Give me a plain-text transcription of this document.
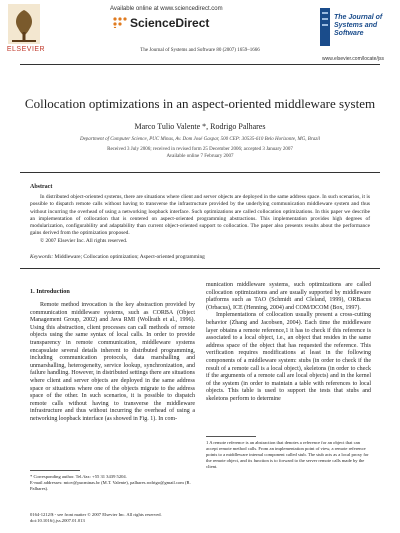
ELSEVIER
Available online at www.sciencedirect.com
ScienceDirect
The Journal of Systems and Software 80 (2007) 1659–1666
The Journal of Systems and Software
www.elsevier.com/locate/jss
Collocation optimizations in an aspect-oriented middleware system
Marco Tulio Valente *, Rodrigo Palhares
Department of Computer Science, PUC Minas, Av. Dom José Gaspar, 500 CEP: 30535-610 Belo Horizonte, MG, Brazil
Received 3 July 2006; received in revised form 25 December 2006; accepted 3 January 2007
Available online 7 February 2007
Abstract

In distributed object-oriented systems, there are situations where client and server objects are deployed in the same address space. In such scenarios, it is possible to dispatch remote calls without having to transverse the infrastructure provided by the underlying communication middleware system and thus without incurring the overhead of using a networking loopback interface. Such optimizations are called collocation optimizations. In this paper we describe an implementation of collocation that is centered on aspect-oriented programming abstractions. This implementation provides high degrees of modularization, configurability and adaptability than current object-oriented support to collocation. The paper also presents results about the performance gains derived from the optimization proposed.

© 2007 Elsevier Inc. All rights reserved.

Keywords: Middleware; Collocation optimization; Aspect-oriented programming
1. Introduction

Remote method invocation is the key abstraction provided by communication middleware systems, such as CORBA (Object Management Group, 2002) and Java RMI (Wollrath et al., 1996). Using this abstraction, client processes can call methods of remote objects using the same syntax of local calls. In order to provide transparency in remote communication, middleware systems encapsulate several details inherent to distributed programming, including communication protocols, data marshalling and unmarshalling, heterogeneity, service lookup, synchronization, and failure handling. However, in distributed settings there are situations where client and server objects are deployed in the same address space or situations where one of the objects migrate to the address space of the other. In such scenarios, it is possible to dispatch remote calls without having to transverse the middleware infrastructure and thus without incurring the overhead of using a networking loopback interface (as showed in Fig. 1). In com-

munication middleware systems, such optimizations are called collocation optimizations and are usually supported by middleware platforms such as TAO (Schmidt and Cleland, 1999), ORBacus (Orbacus), ICE (Henning, 2004) and COM/DCOM (Box, 1997).

Implementations of collocation usually present a cross-cutting behavior (Zhang and Jacobsen, 2004). Each time the middleware layer obtains a remote reference,1 it has to check if this reference is associated to a local object, i.e., an object that resides in the same address space of the object that has requested the reference. This verification requires modifications at least in the following components of a middleware system: stubs (in order to check if the result of a remote call is a local object), skeletons (in order to check if the arguments of a remote call are local objects) and in the kernel of the system (in order to maintain a table with references to local objects. This table is used to support the tests that stubs and skeletons perform to determine

* Corresponding author. Tel./fax: +55 31 3439 5204.

E-mail addresses: mtov@pucminas.br (M.T. Valente), palhares.rodrigo@gmail.com (R. Palhares).

0164-1212/$ - see front matter © 2007 Elsevier Inc. All rights reserved.

doi:10.1016/j.jss.2007.01.013

1 A remote reference is an abstraction that denotes a reference for an object that can accept remote method calls. From an implementation point of view, a remote reference points to a middleware internal component called stub. The stub acts as a local proxy for the remote object, and its function is to forward to the server remote calls made by the client.
